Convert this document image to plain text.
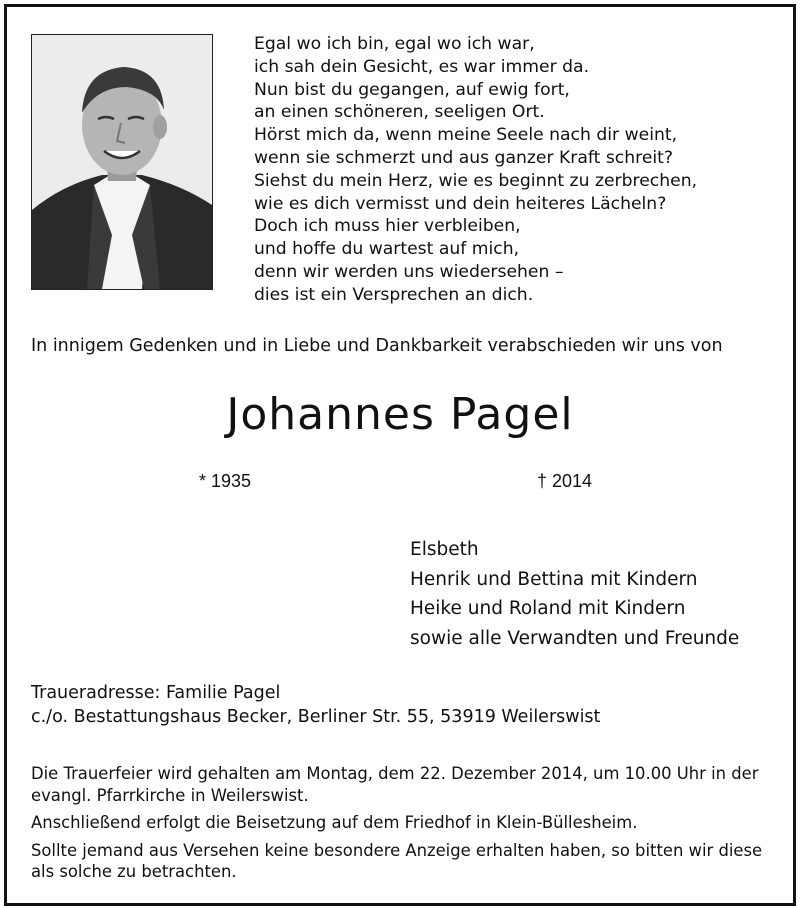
Egal wo ich bin, egal wo ich war,
ich sah dein Gesicht, es war immer da.
Nun bist du gegangen, auf ewig fort,
an einen schöneren, seeligen Ort.
Hörst mich da, wenn meine Seele nach dir weint,
wenn sie schmerzt und aus ganzer Kraft schreit?
Siehst du mein Herz, wie es beginnt zu zerbrechen,
wie es dich vermisst und dein heiteres Lächeln?
Doch ich muss hier verbleiben,
und hoffe du wartest auf mich,
denn wir werden uns wiedersehen –
dies ist ein Versprechen an dich.
In innigem Gedenken und in Liebe und Dankbarkeit verabschieden wir uns von
Johannes Pagel
* 1935	† 2014
Elsbeth
Henrik und Bettina mit Kindern
Heike und Roland mit Kindern
sowie alle Verwandten und Freunde
Traueradresse: Familie Pagel
c./o. Bestattungshaus Becker, Berliner Str. 55, 53919 Weilerswist

Die Trauerfeier wird gehalten am Montag, dem 22. Dezember 2014, um 10.00 Uhr in der evangl. Pfarrkirche in Weilerswist.

Anschließend erfolgt die Beisetzung auf dem Friedhof in Klein-Büllesheim.

Sollte jemand aus Versehen keine besondere Anzeige erhalten haben, so bitten wir diese als solche zu betrachten.
